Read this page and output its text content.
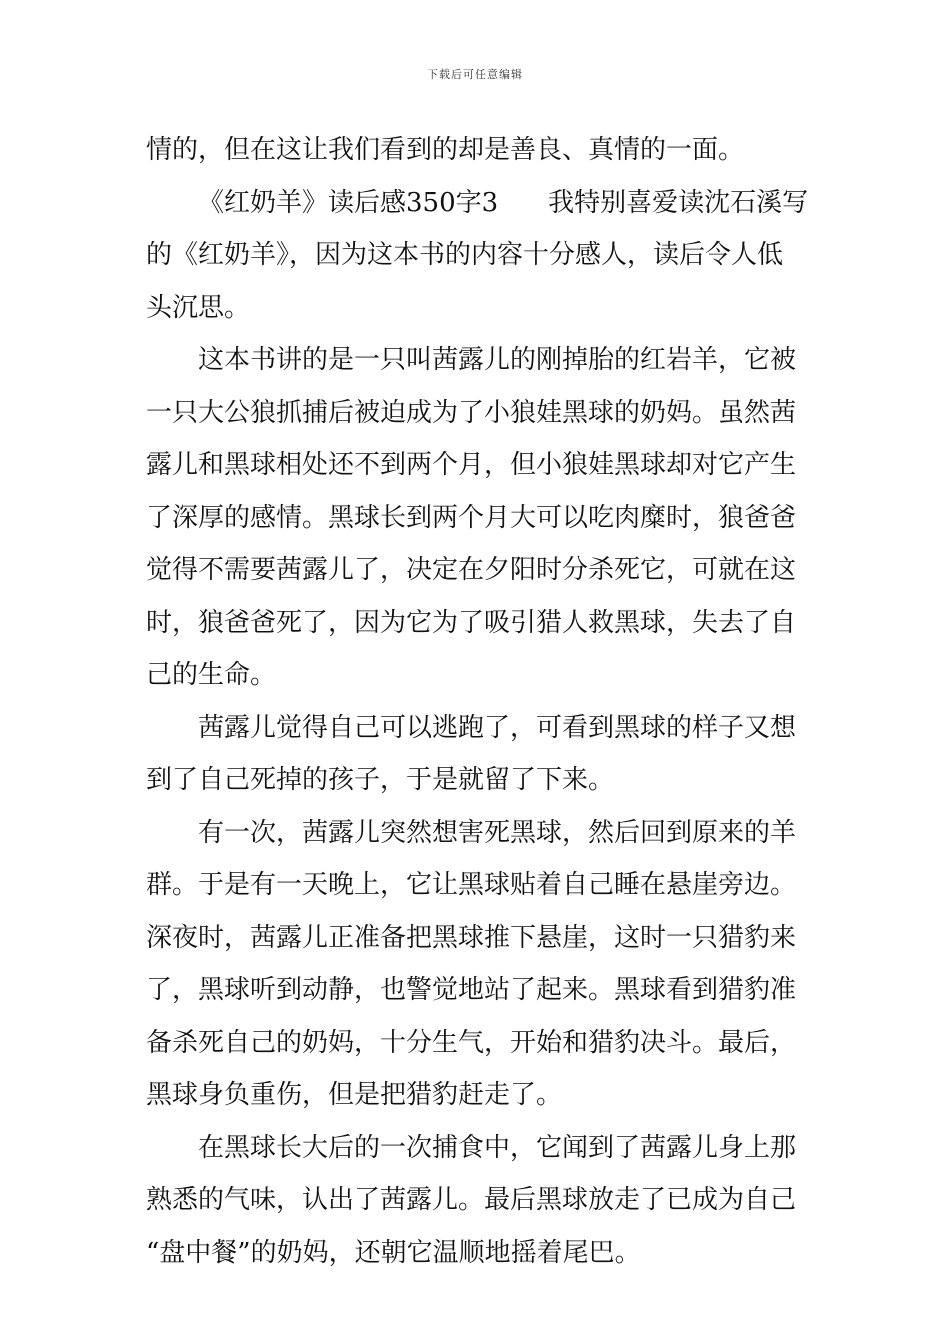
下载后可任意编辑
情的，但在这让我们看到的却是善良、真情的一面。
《红奶羊》读后感350字3 我特别喜爱读沈石溪写
的《红奶羊》，因为这本书的内容十分感人，读后令人低
头沉思。
这本书讲的是一只叫茜露儿的刚掉胎的红岩羊，它被
一只大公狼抓捕后被迫成为了小狼娃黑球的奶妈。虽然茜
露儿和黑球相处还不到两个月，但小狼娃黑球却对它产生
了深厚的感情。黑球长到两个月大可以吃肉糜时，狼爸爸
觉得不需要茜露儿了，决定在夕阳时分杀死它，可就在这
时，狼爸爸死了，因为它为了吸引猎人救黑球，失去了自
己的生命。
茜露儿觉得自己可以逃跑了，可看到黑球的样子又想
到了自己死掉的孩子，于是就留了下来。
有一次，茜露儿突然想害死黑球，然后回到原来的羊
群。于是有一天晚上，它让黑球贴着自己睡在悬崖旁边。
深夜时，茜露儿正准备把黑球推下悬崖，这时一只猎豹来
了，黑球听到动静，也警觉地站了起来。黑球看到猎豹准
备杀死自己的奶妈，十分生气，开始和猎豹决斗。最后，
黑球身负重伤，但是把猎豹赶走了。
在黑球长大后的一次捕食中，它闻到了茜露儿身上那
熟悉的气味，认出了茜露儿。最后黑球放走了已成为自己
“盘中餐”的奶妈，还朝它温顺地摇着尾巴。
